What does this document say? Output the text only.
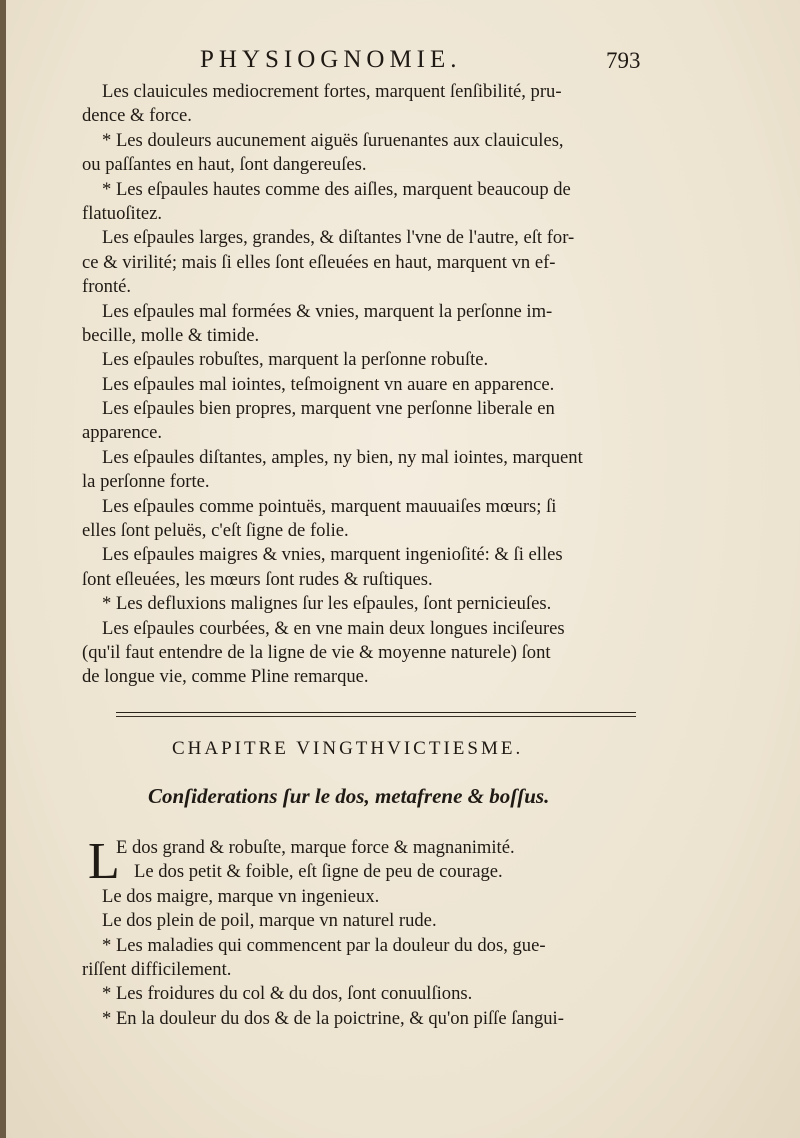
PHYSIOGNOMIE.	793
Les clauicules mediocrement fortes, marquent ſenſibilité, pru-
dence & force.
* Les douleurs aucunement aiguës ſuruenantes aux clauicules,
ou paſſantes en haut, ſont dangereuſes.
* Les eſpaules hautes comme des aiſles, marquent beaucoup de
flatuoſitez.
Les eſpaules larges, grandes, & diſtantes l'vne de l'autre, eſt for-
ce & virilité; mais ſi elles ſont eſleuées en haut, marquent vn ef-
fronté.
Les eſpaules mal formées & vnies, marquent la perſonne im-
becille, molle & timide.
Les eſpaules robuſtes, marquent la perſonne robuſte.
Les eſpaules mal iointes, teſmoignent vn auare en apparence.
Les eſpaules bien propres, marquent vne perſonne liberale en
apparence.
Les eſpaules diſtantes, amples, ny bien, ny mal iointes, marquent
la perſonne forte.
Les eſpaules comme pointuës, marquent mauuaiſes mœurs; ſi
elles ſont peluës, c'eſt ſigne de folie.
Les eſpaules maigres & vnies, marquent ingenioſité: & ſi elles
ſont eſleuées, les mœurs ſont rudes & ruſtiques.
* Les defluxions malignes ſur les eſpaules, ſont pernicieuſes.
Les eſpaules courbées, & en vne main deux longues inciſeures
(qu'il faut entendre de la ligne de vie & moyenne naturele) ſont
de longue vie, comme Pline remarque.
CHAPITRE VINGTHVICTIESME.
Conſiderations ſur le dos, metafrene & boſſus.
L
E dos grand & robuſte, marque force & magnanimité.
Le dos petit & foible, eſt ſigne de peu de courage.
Le dos maigre, marque vn ingenieux.
Le dos plein de poil, marque vn naturel rude.
* Les maladies qui commencent par la douleur du dos, gue-
riſſent difficilement.
* Les froidures du col & du dos, ſont conuulſions.
* En la douleur du dos & de la poictrine, & qu'on piſſe ſangui-
